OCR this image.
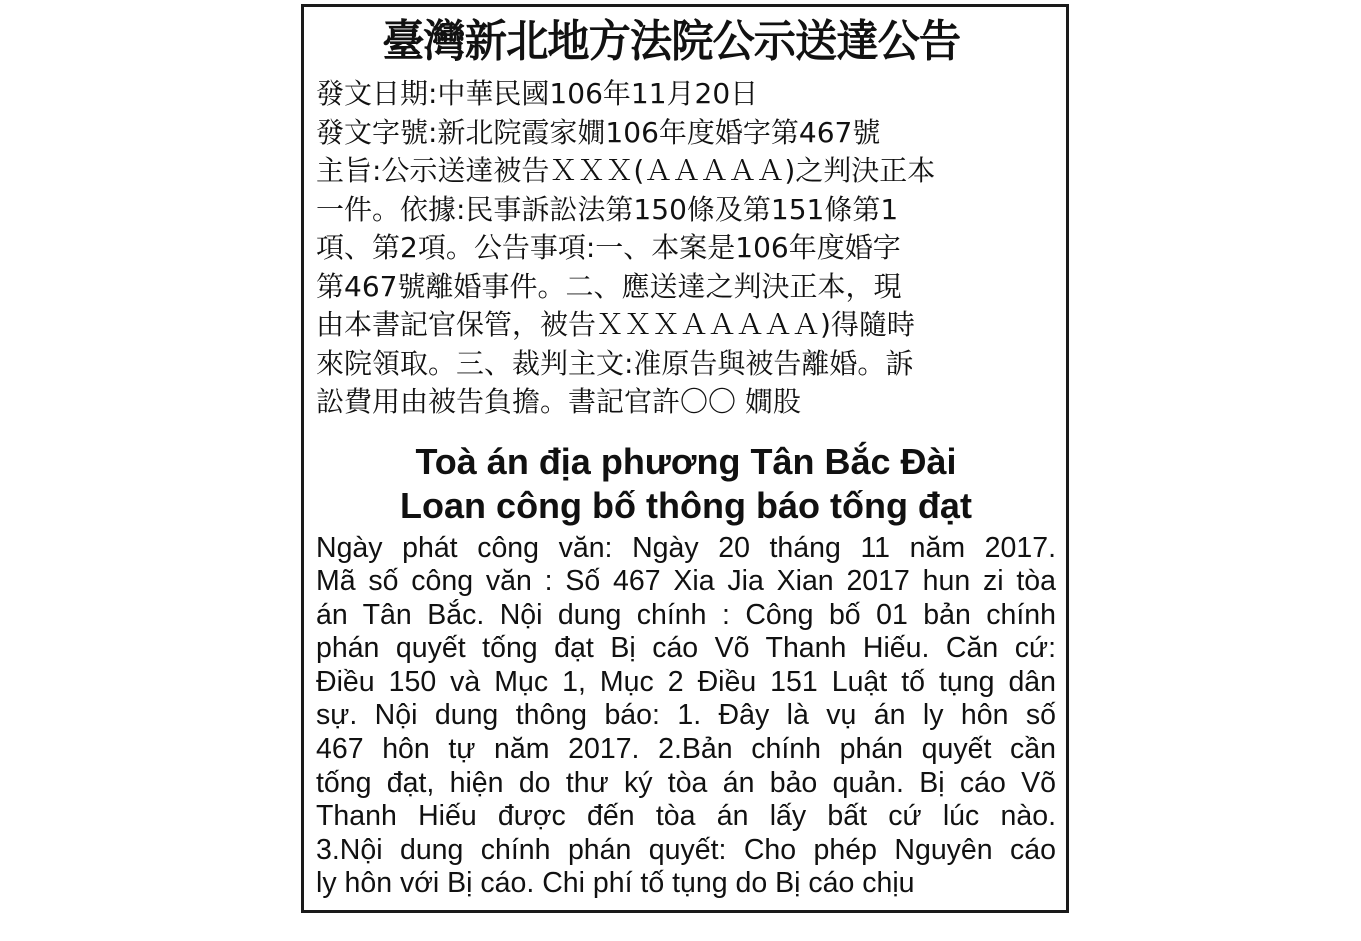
臺灣新北地方法院公示送達公告
發文日期:中華民國106年11月20日
發文字號:新北院霞家嫺106年度婚字第467號
主旨:公示送達被告ＸＸＸ(ＡＡＡＡＡ)之判決正本
一件。依據:民事訴訟法第150條及第151條第1
項、第2項。公告事項:一、本案是106年度婚字
第467號離婚事件。二、應送達之判決正本，現
由本書記官保管，被告ＸＸＸＡＡＡＡＡ)得隨時
來院領取。三、裁判主文:准原告與被告離婚。訴
訟費用由被告負擔。書記官許〇〇 嫺股
Toà án địa phương Tân Bắc Đài
Loan công bố thông báo tống đạt
Ngày phát công văn: Ngày 20 tháng 11 năm 2017.
Mã số công văn : Số 467 Xia Jia Xian 2017 hun zi tòa
án Tân Bắc. Nội dung chính : Công bố 01 bản chính
phán quyết tống đạt Bị cáo Võ Thanh Hiếu. Căn cứ:
Điều 150 và Mục 1, Mục 2 Điều 151 Luật tố tụng dân
sự. Nội dung thông báo: 1. Đây là vụ án ly hôn số
467 hôn tự năm 2017. 2.Bản chính phán quyết cần
tống đạt, hiện do thư ký tòa án bảo quản. Bị cáo Võ
Thanh Hiếu được đến tòa án lấy bất cứ lúc nào.
3.Nội dung chính phán quyết: Cho phép Nguyên cáo
ly hôn với Bị cáo. Chi phí tố tụng do Bị cáo chịu
